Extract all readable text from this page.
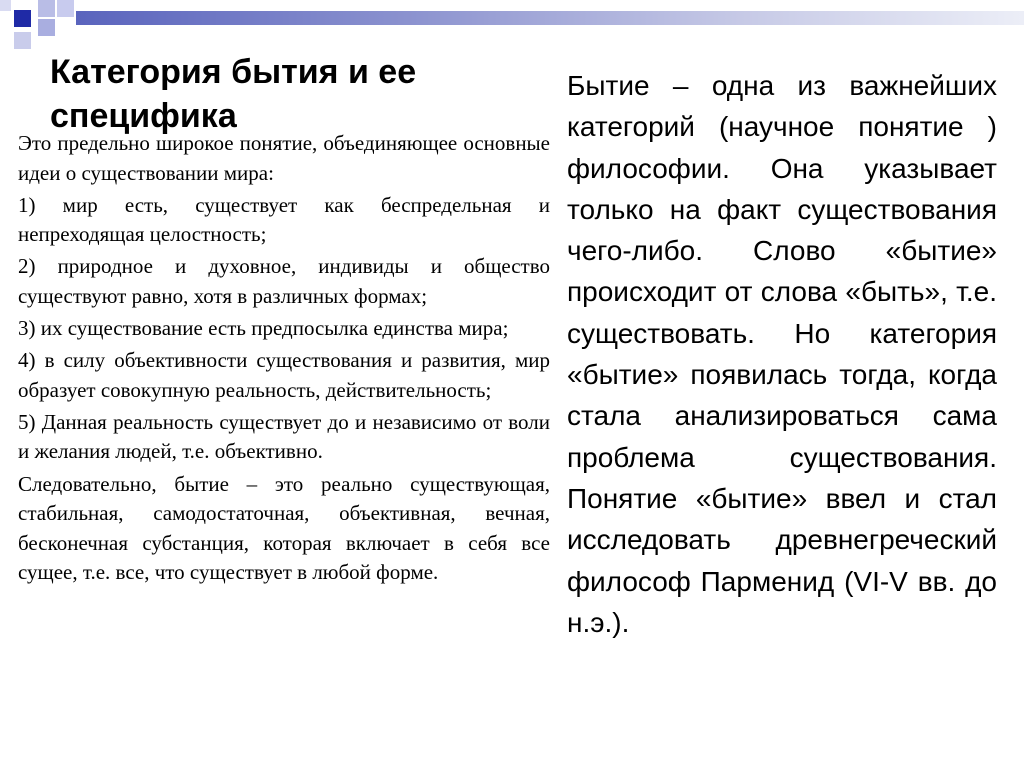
Категория бытия и ее специфика

Это предельно широкое понятие, объединяющее основные идеи о существовании мира:

1) мир есть, существует как беспредельная и непреходящая целостность;

2) природное и духовное, индивиды и общество существуют равно, хотя в различных формах;

3) их существование есть предпосылка единства мира;

4) в силу объективности существования и развития, мир образует совокупную реальность, действительность;

5) Данная реальность существует до и независимо от воли и желания людей, т.е. объективно.

Следовательно, бытие – это реально существующая, стабильная, самодостаточная, объективная, вечная, бесконечная субстанция, которая включает в себя все сущее, т.е. все, что существует в любой форме.

Бытие – одна из важнейших категорий (научное понятие ) философии. Она указывает только на факт существования чего-либо. Слово «бытие» происходит от слова «быть», т.е. существовать. Но категория «бытие» появилась тогда, когда стала анализироваться сама проблема существования. Понятие «бытие» ввел и стал исследовать древнегреческий философ Парменид (VI-V вв. до н.э.).
